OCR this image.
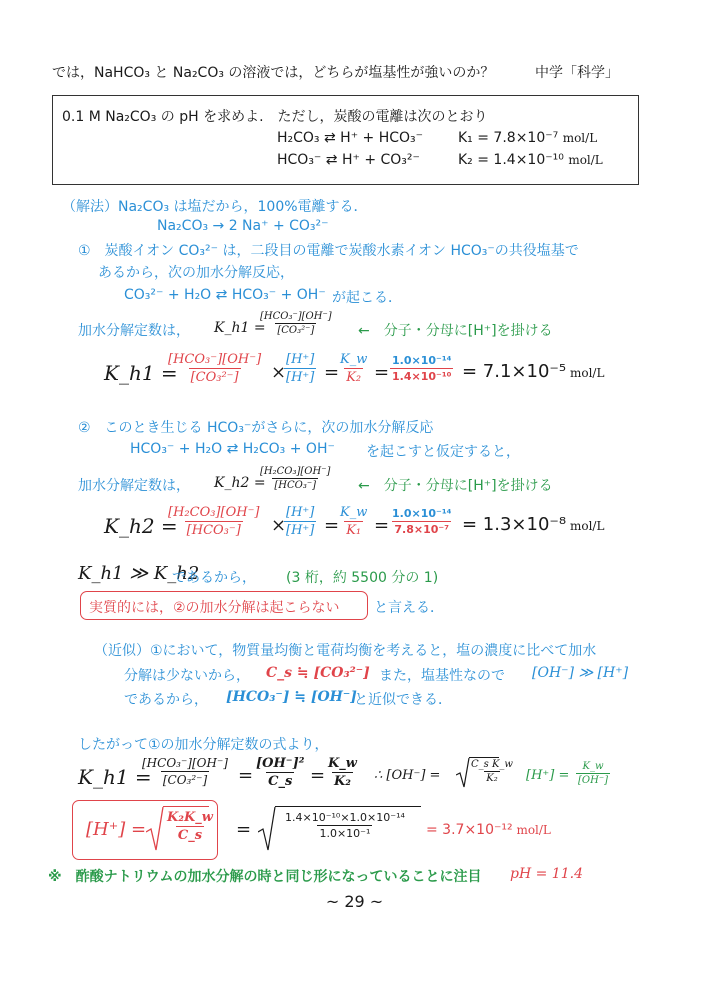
では，NaHCO₃ と Na₂CO₃ の溶液では，どちらが塩基性が強いのか？	中学「科学」
0.1 M Na₂CO₃ の pH を求めよ.　ただし，炭酸の電離は次のとおり
H₂CO₃ ⇄ H⁺ + HCO₃⁻ K₁ = 7.8×10⁻⁷ mol/L
HCO₃⁻ ⇄ H⁺ + CO₃²⁻	K₂ = 1.4×10⁻¹⁰ mol/L
（解法）Na₂CO₃ は塩だから，100%電離する．
Na₂CO₃ → 2 Na⁺ + CO₃²⁻
①　炭酸イオン CO₃²⁻ は，二段目の電離で炭酸水素イオン HCO₃⁻の共役塩基で
あるから，次の加水分解反応，
CO₃²⁻ + H₂O ⇄ HCO₃⁻ + OH⁻ が起こる．
加水分解定数は， K_h1 =
[HCO₃⁻][OH⁻]
[CO₃²⁻]	←　分子・分母に[H⁺]を掛ける
K_h1 =
[HCO₃⁻][OH⁻]
[CO₃²⁻] ×
$\frac{[H^+]}{[H^+]}$ =
$\frac{K\_w}{\text{K₂}} = \frac{\text{1.0×10⁻¹⁴}}{\text{1.4×10⁻¹⁰}} = 7.1\times 10^{-5}$ mol/L
②　このとき生じる HCO₃⁻がさらに，次の加水分解反応
HCO₃⁻ + H₂O ⇄ H₂CO₃ + OH⁻ を起こすと仮定すると，
加水分解定数は， K_h2 =
[H₂CO₃][OH⁻]
[HCO₃⁻]	←　分子・分母に[H⁺]を掛ける
K_h2 =
[H₂CO₃][OH⁻]
[HCO₃⁻] ×
$\frac{[H^+]}{[H^+]}$ =
$\frac{K\_w}{\text{K₁}} = \frac{\text{1.0×10⁻¹⁴}}{\text{7.8×10⁻⁷}} = 1.3\times 10^{-8}$ mol/L
K_h1 ≫ K_h2
であるから， (3 桁，約 5500 分の 1)
実質的には，②の加水分解は起こらない と言える．
（近似）①において，物質量均衡と電荷均衡を考えると，塩の濃度に比べて加水
分解は少ないから， C_s ≒ [CO₃²⁻] また，塩基性なので [OH⁻] ≫ [H⁺]
であるから， [HCO₃⁻] ≒ [OH⁻]
と近似できる．
したがって①の加水分解定数の式より，
K_h1 =
[HCO₃⁻][OH⁻]
$[CO_3^{2-}] = \frac{\text{[OH⁻]²}}{C\_s} = \frac{K\_w}{\text{K₂}}$ ∴ [OH⁻] =	$\frac{\text{C\_s K\_w}}{\text{K₂}} [H^+] = \frac{K\_w}{[OH^-]}$
$[H^+] = \frac{\text{K₂K\_w}}{C\_s}$ =	$\frac{\text{1.4×10⁻¹⁰×1.0×10⁻¹⁴}}{\text{1.0×10⁻¹}} = 3.7\times 10^{-12}$ mol/L
※　酢酸ナトリウムの加水分解の時と同じ形になっていることに注目 pH = 11.4
~ 29 ~
